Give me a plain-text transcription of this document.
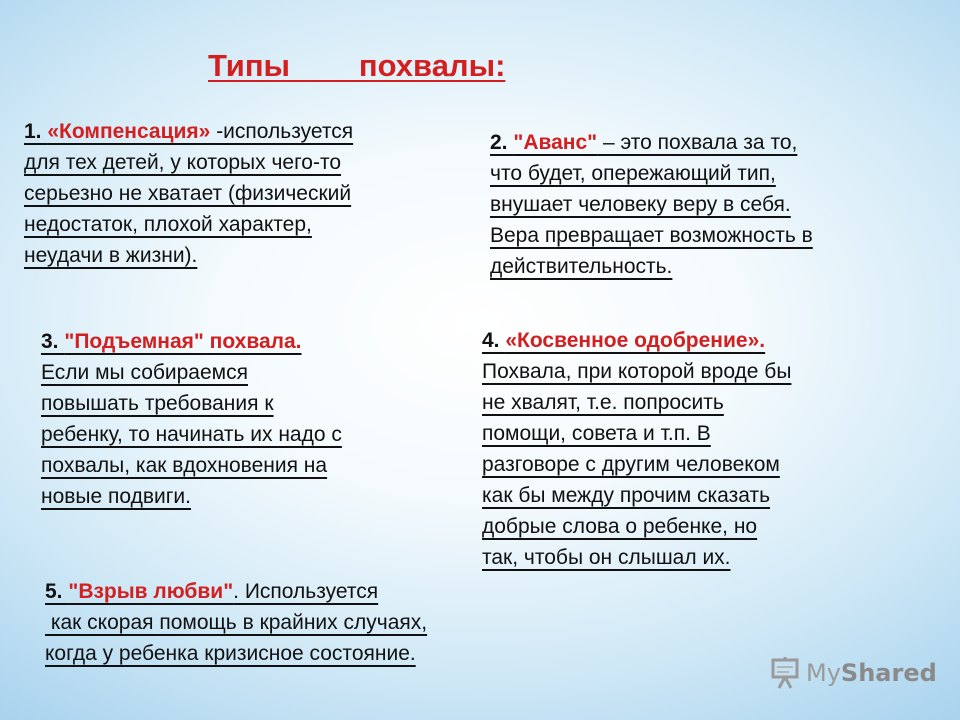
Типы        похвалы:
1. «Компенсация» -используется
для тех детей, у которых чего-то
серьезно не хватает (физический
недостаток, плохой характер,
неудачи в жизни).
2. "Аванс" – это похвала за то,
что будет, опережающий тип,
внушает человеку веру в себя.
Вера превращает возможность в
действительность.
3. "Подъемная" похвала.
Если мы собираемся
повышать требования к
ребенку, то начинать их надо с
похвалы, как вдохновения на
новые подвиги.
4. «Косвенное одобрение».
Похвала, при которой вроде бы
не хвалят, т.е. попросить
помощи, совета и т.п. В
разговоре с другим человеком
как бы между прочим сказать
добрые слова о ребенке, но
так, чтобы он слышал их.
5. "Взрыв любви". Используется
как скорая помощь в крайних случаях,
когда у ребенка кризисное состояние.
MyShared
